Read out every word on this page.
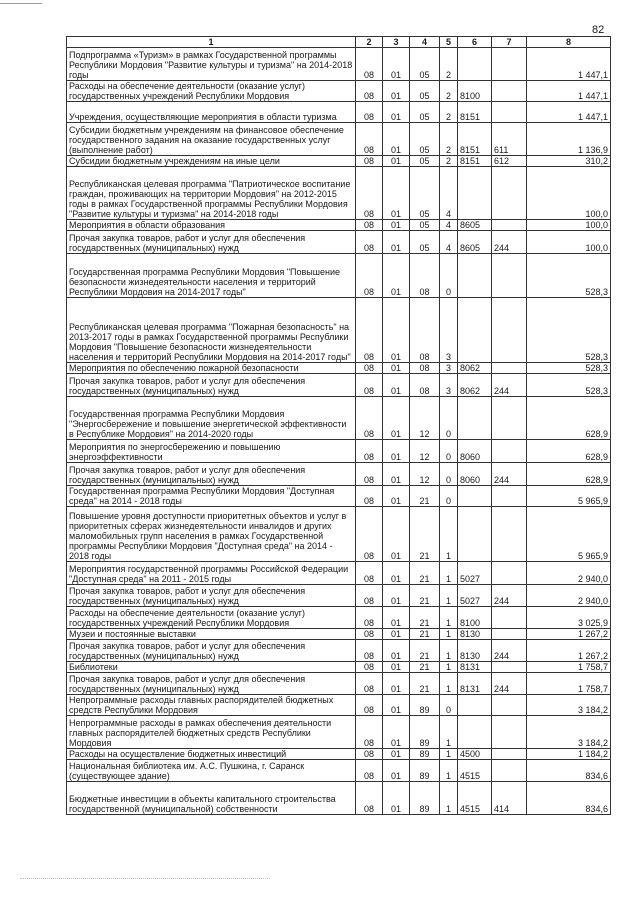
82
1	2	3	4	5	6	7	8
Подпрограмма «Туризм» в рамках Государственной программы Республики Мордовия "Развитие культуры и туризма" на 2014-2018 годы	08	01	05	2			1 447,1
Расходы на обеспечение деятельности (оказание услуг) государственных учреждений Республики Мордовия	08	01	05	2	8100		1 447,1
Учреждения, осуществляющие мероприятия в области туризма	08	01	05	2	8151		1 447,1
Субсидии бюджетным учреждениям на финансовое обеспечение государственного задания на оказание государственных услуг (выполнение работ)	08	01	05	2	8151	611	1 136,9
Субсидии бюджетным учреждениям на иные цели	08	01	05	2	8151	612	310,2
Республиканская целевая программа "Патриотическое воспитание граждан, проживающих на территории Мордовия" на 2012-2015 годы в рамках Государственной программы Республики Мордовия "Развитие культуры и туризма" на 2014-2018 годы	08	01	05	4			100,0
Мероприятия в области образования	08	01	05	4	8605		100,0
Прочая закупка товаров, работ и услуг для обеспечения государственных (муниципальных) нужд	08	01	05	4	8605	244	100,0
Государственная программа Республики Мордовия "Повышение безопасности жизнедеятельности населения и территорий Республики Мордовия на 2014-2017 годы"	08	01	08	0			528,3
Республиканская целевая программа "Пожарная безопасность" на 2013-2017 годы в рамках Государственной программы Республики Мордовия "Повышение безопасности жизнедеятельности населения и территорий Республики Мордовия на 2014-2017 годы"	08	01	08	3			528,3
Мероприятия по обеспечению пожарной безопасности	08	01	08	3	8062		528,3
Прочая закупка товаров, работ и услуг для обеспечения государственных (муниципальных) нужд	08	01	08	3	8062	244	528,3
Государственная программа Республики Мордовия "Энергосбережение и повышение энергетической эффективности в Республике Мордовия" на 2014-2020 годы	08	01	12	0			628,9
Мероприятия по энергосбережению и повышению энергоэффективности	08	01	12	0	8060		628,9
Прочая закупка товаров, работ и услуг для обеспечения государственных (муниципальных) нужд	08	01	12	0	8060	244	628,9
Государственная программа Республики Мордовия "Доступная среда" на 2014 - 2018 годы	08	01	21	0			5 965,9
Повышение уровня доступности приоритетных объектов и услуг в приоритетных сферах жизнедеятельности инвалидов и других маломобильных групп населения в рамках Государственной программы Республики Мордовия "Доступная среда" на 2014 - 2018 годы	08	01	21	1			5 965,9
Мероприятия государственной программы Российской Федерации "Доступная среда" на 2011 - 2015 годы	08	01	21	1	5027		2 940,0
Прочая закупка товаров, работ и услуг для обеспечения государственных (муниципальных) нужд	08	01	21	1	5027	244	2 940,0
Расходы на обеспечение деятельности (оказание услуг) государственных учреждений Республики Мордовия	08	01	21	1	8100		3 025,9
Музеи и постоянные выставки	08	01	21	1	8130		1 267,2
Прочая закупка товаров, работ и услуг для обеспечения государственных (муниципальных) нужд	08	01	21	1	8130	244	1 267,2
Библиотеки	08	01	21	1	8131		1 758,7
Прочая закупка товаров, работ и услуг для обеспечения государственных (муниципальных) нужд	08	01	21	1	8131	244	1 758,7
Непрограммные расходы главных распорядителей бюджетных средств Республики Мордовия	08	01	89	0			3 184,2
Непрограммные расходы в рамках обеспечения деятельности главных распорядителей бюджетных средств Республики Мордовия	08	01	89	1			3 184,2
Расходы на осуществление бюджетных инвестиций	08	01	89	1	4500		1 184,2
Национальная библиотека им. А.С. Пушкина, г. Саранск (существующее здание)	08	01	89	1	4515		834,6
Бюджетные инвестиции в объекты капитального строительства государственной (муниципальной) собственности	08	01	89	1	4515	414	834,6
